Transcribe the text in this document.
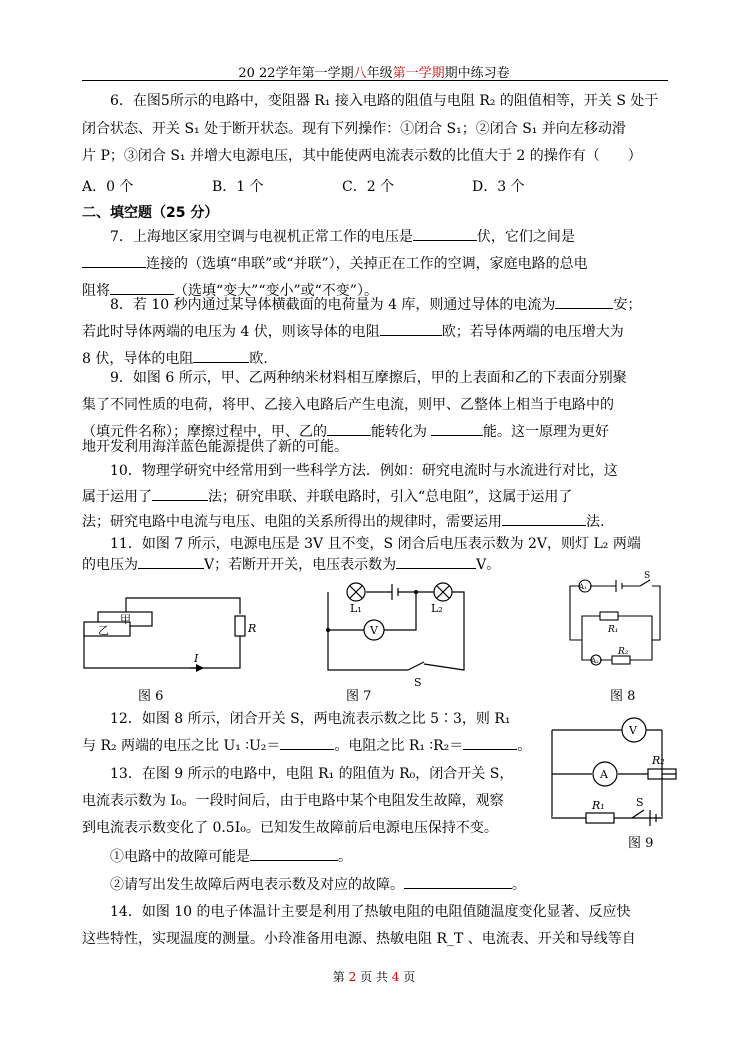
20 22学年第一学期八年级第一学期期中练习卷

6．在图5所示的电路中，变阻器 R₁ 接入电路的阻值与电阻 R₂ 的阻值相等，开关 S 处于

闭合状态、开关 S₁ 处于断开状态。现有下列操作：①闭合 S₁；②闭合 S₁ 并向左移动滑

片 P；③闭合 S₁ 并增大电源电压，其中能使两电流表示数的比值大于 2 的操作有（　　）

A．0 个	B．1 个	C．2 个	D．3 个
二、填空题（25 分）

7．上海地区家用空调与电视机正常工作的电压是	伏，它们之间是

连接的（选填“串联”或“并联”），关掉正在工作的空调，家庭电路的总电

阻将	（选填“变大”“变小”或“不变”）。

8．若 10 秒内通过某导体横截面的电荷量为 4 库，则通过导体的电流为	安；

若此时导体两端的电压为 4 伏，则该导体的电阻	欧；若导体两端的电压增大为

8 伏，导体的电阻	欧.

9．如图 6 所示，甲、乙两种纳米材料相互摩擦后，甲的上表面和乙的下表面分别聚

集了不同性质的电荷，将甲、乙接入电路后产生电流，则甲、乙整体上相当于电路中的

（填元件名称）；摩擦过程中，甲、乙的	能转化为	能。这一原理为更好

地开发利用海洋蓝色能源提供了新的可能。

10．物理学研究中经常用到一些科学方法．例如：研究电流时与水流进行对比，这

属于运用了	法；研究串联、并联电路时，引入“总电阻”，这属于运用了

法；研究电路中电流与电压、电阻的关系所得出的规律时，需要运用	法.

11．如图 7 所示，电源电压是 3V 且不变，S 闭合后电压表示数为 2V，则灯 L₂ 两端

的电压为	V；若断开开关，电压表示数为	V。

甲
乙	R
I
图 6
V
L₁	L₂
S
图 7
A₁
A₂
S
R₁
R₂
图 8

12．如图 8 所示，闭合开关 S，两电流表示数之比 5∶3，则 R₁

与 R₂ 两端的电压之比 U₁ ∶U₂＝	。电阻之比 R₁ ∶R₂＝	。

V
A
R₂
R₁	S
图 9

13．在图 9 所示的电路中，电阻 R₁ 的阻值为 R₀，闭合开关 S，

电流表示数为 I₀。一段时间后，由于电路中某个电阻发生故障，观察

到电流表示数变化了 0.5I₀。已知发生故障前后电源电压保持不变。

①电路中的故障可能是	。

②请写出发生故障后两电表示数及对应的故障。	。

14．如图 10 的电子体温计主要是利用了热敏电阻的电阻值随温度变化显著、反应快

这些特性，实现温度的测量。小玲准备用电源、热敏电阻 R_T 、电流表、开关和导线等自

第 2 页 共 4 页
